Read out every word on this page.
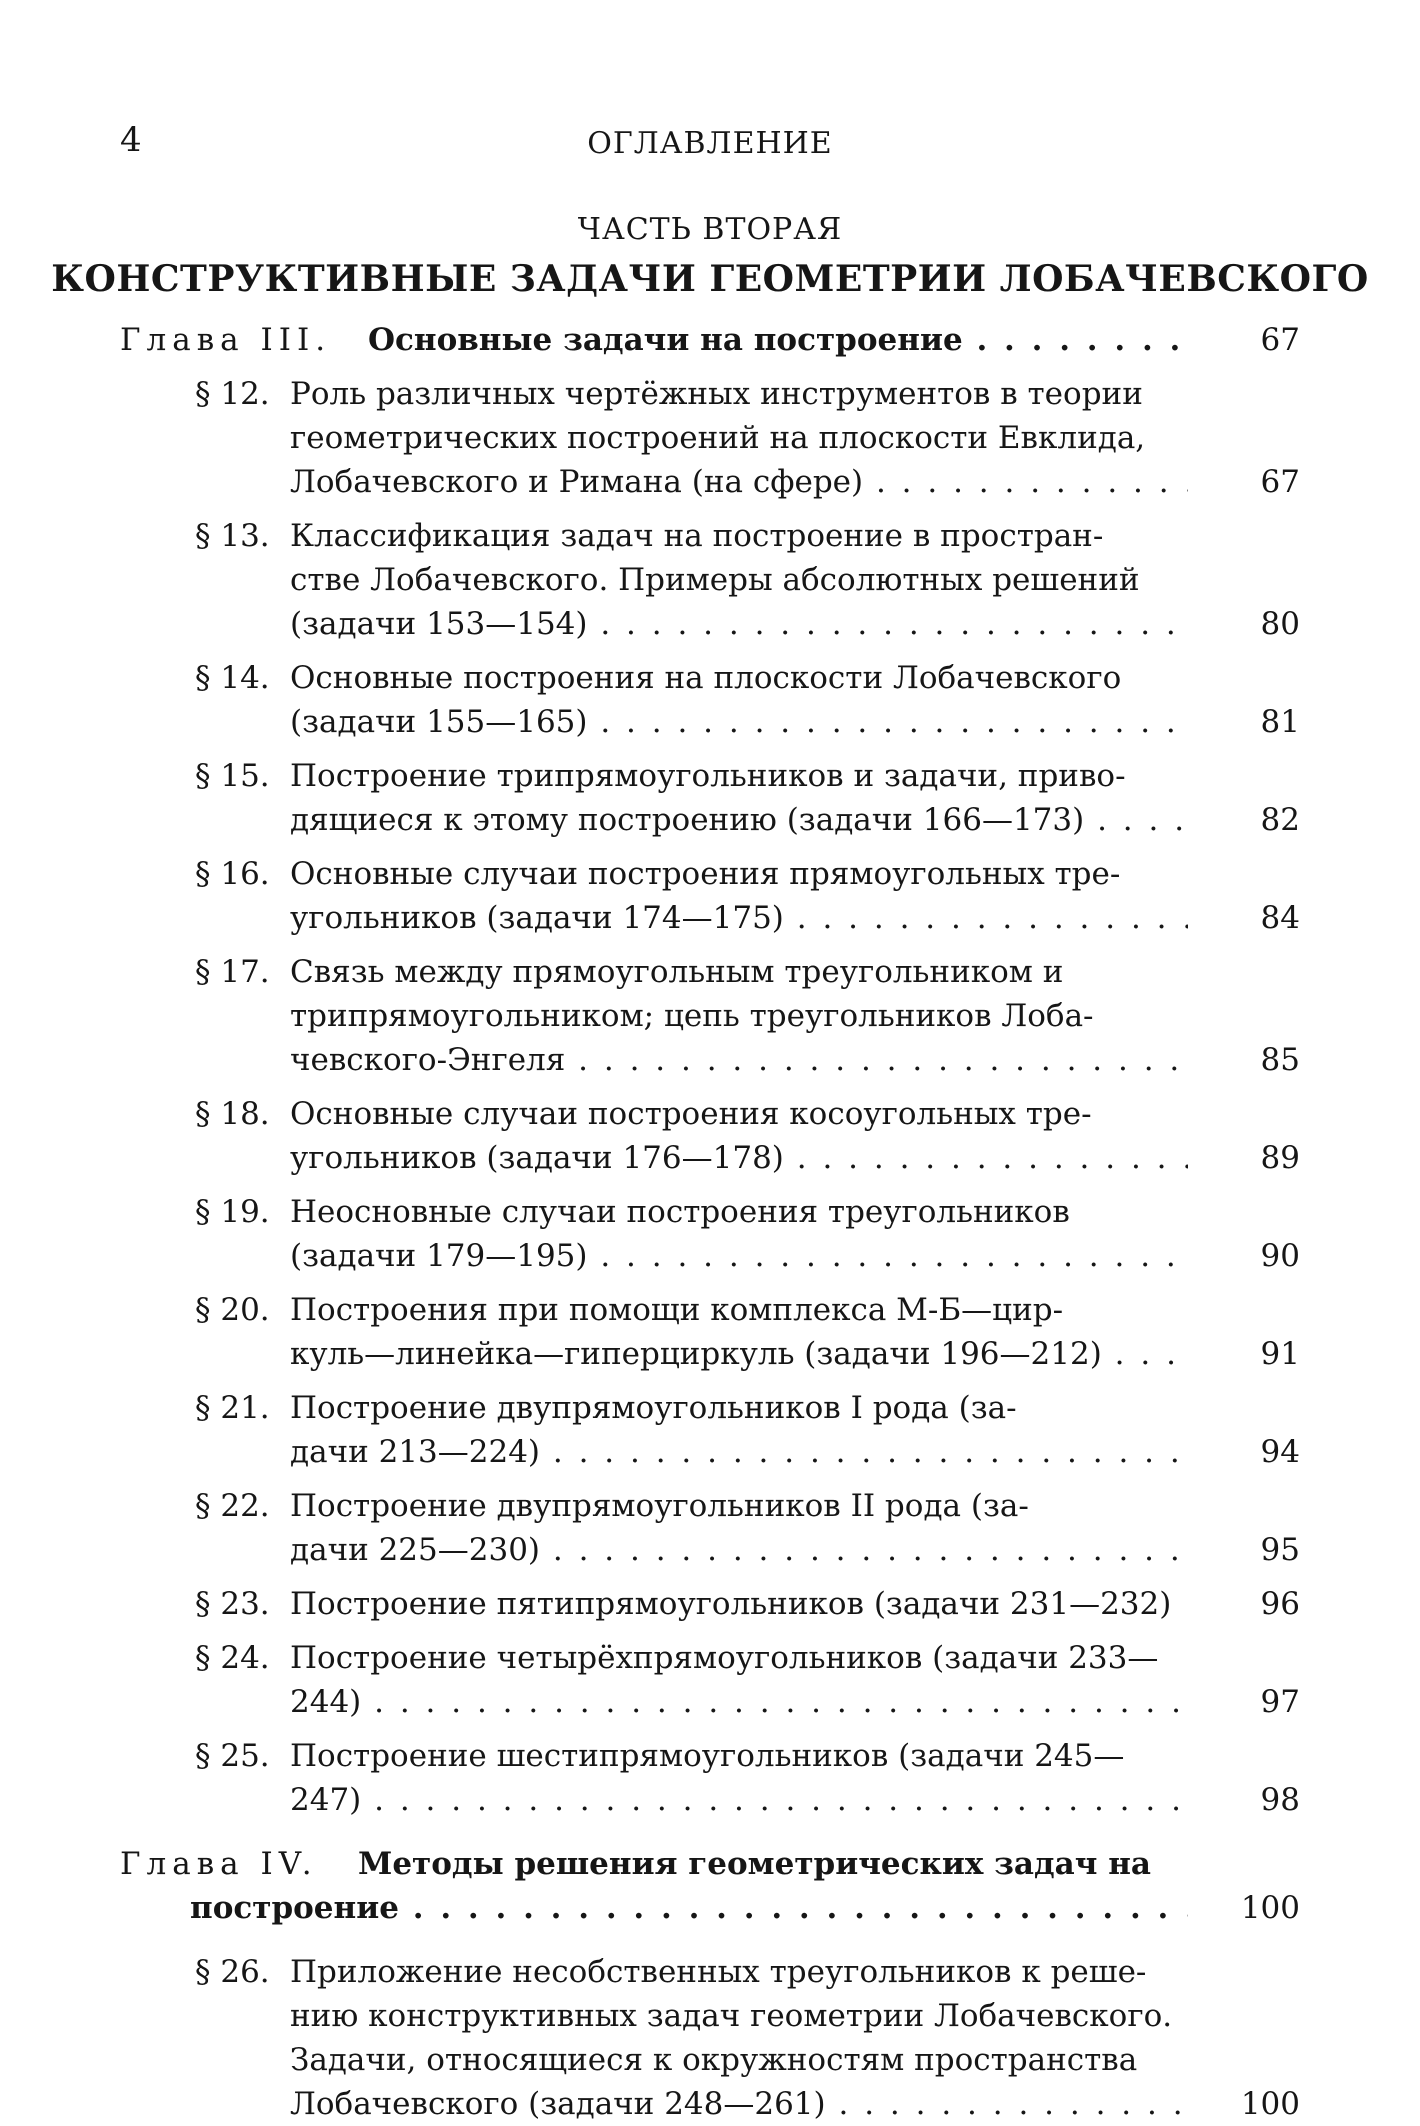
4	ОГЛАВЛЕНИЕ
ЧАСТЬ ВТОРАЯ
КОНСТРУКТИВНЫЕ ЗАДАЧИ ГЕОМЕТРИИ ЛОБАЧЕВСКОГО
Глава III. Основные задачи на построение . . .	67
§ 12. Роль различных чертёжных инструментов в теории
геометрических построений на плоскости Евклида,
Лобачевского и Римана (на сфере) . . .	67
§ 13. Классификация задач на построение в простран-
стве Лобачевского. Примеры абсолютных решений
(задачи 153—154) . . .	80
§ 14. Основные построения на плоскости Лобачевского
(задачи 155—165) . . .	81
§ 15. Построение трипрямоугольников и задачи, приво-
дящиеся к этому построению (задачи 166—173) . . .	82
§ 16. Основные случаи построения прямоугольных тре-
угольников (задачи 174—175) . . .	84
§ 17. Связь между прямоугольным треугольником и
трипрямоугольником; цепь треугольников Лоба-
чевского-Энгеля . . .	85
§ 18. Основные случаи построения косоугольных тре-
угольников (задачи 176—178) . . .	89
§ 19. Неосновные случаи построения треугольников
(задачи 179—195) . . .	90
§ 20. Построения при помощи комплекса М-Б—цир-
куль—линейка—гиперциркуль (задачи 196—212) . . .	91
§ 21. Построение двупрямоугольников I рода (за-
дачи 213—224) . . .	94
§ 22. Построение двупрямоугольников II рода (за-
дачи 225—230) . . .	95
§ 23. Построение пятипрямоугольников (задачи 231—232)	96
§ 24. Построение четырёхпрямоугольников (задачи 233—
244) . . .	97
§ 25. Построение шестипрямоугольников (задачи 245—
247) . . .	98
Глава IV. Методы решения геометрических задач на
построение . . .	100
§ 26. Приложение несобственных треугольников к реше-
нию конструктивных задач геометрии Лобачевского.
Задачи, относящиеся к окружностям пространства
Лобачевского (задачи 248—261) . . .	100
